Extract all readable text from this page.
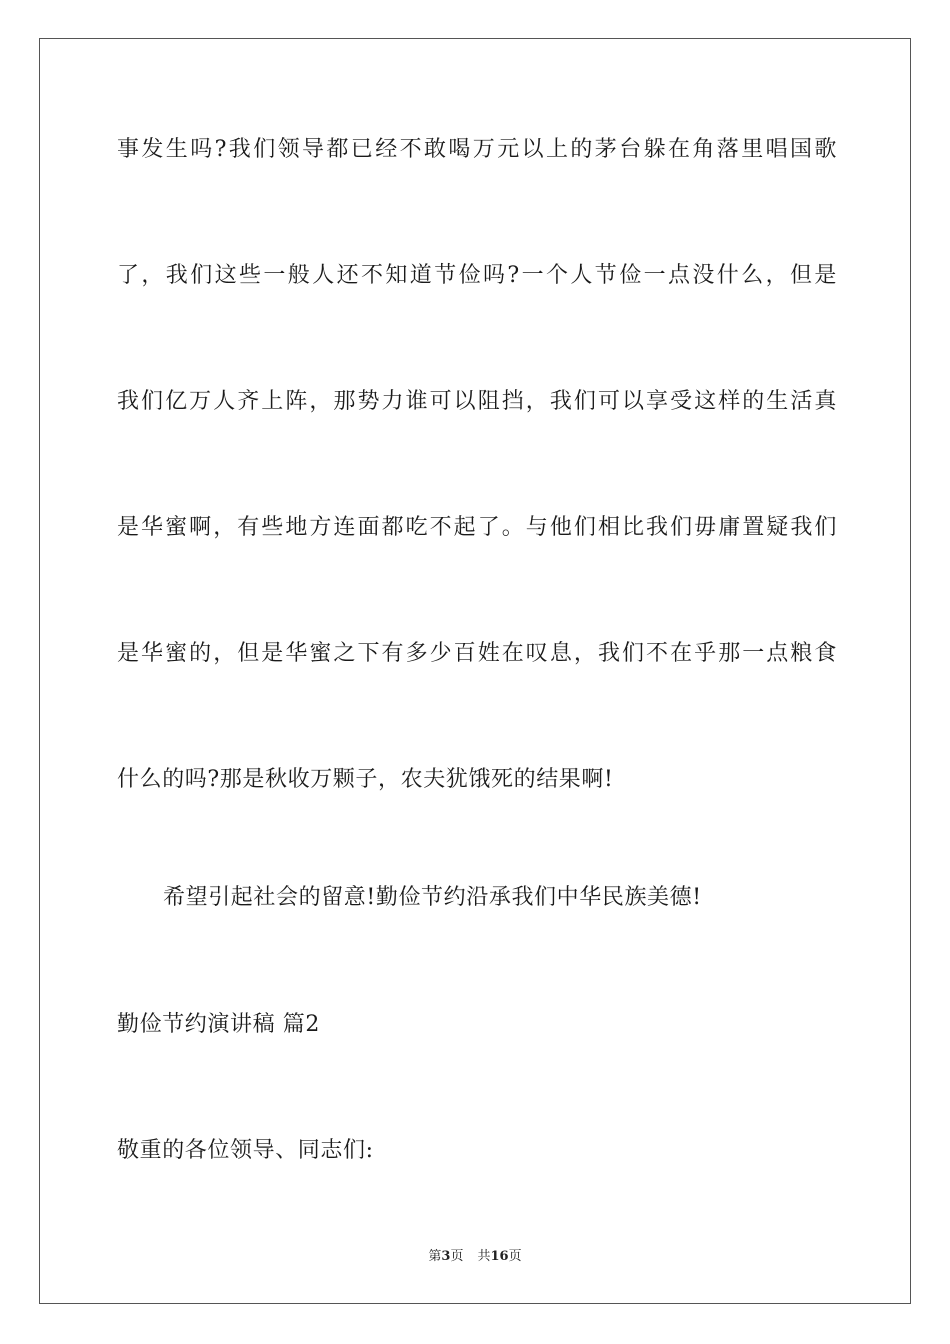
事发生吗?我们领导都已经不敢喝万元以上的茅台躲在角落里唱国歌
了，我们这些一般人还不知道节俭吗?一个人节俭一点没什么，但是
我们亿万人齐上阵，那势力谁可以阻挡，我们可以享受这样的生活真
是华蜜啊，有些地方连面都吃不起了。与他们相比我们毋庸置疑我们
是华蜜的，但是华蜜之下有多少百姓在叹息，我们不在乎那一点粮食
什么的吗?那是秋收万颗子，农夫犹饿死的结果啊!
希望引起社会的留意!勤俭节约沿承我们中华民族美德!
勤俭节约演讲稿 篇2
敬重的各位领导、同志们:
第3页 共16页
